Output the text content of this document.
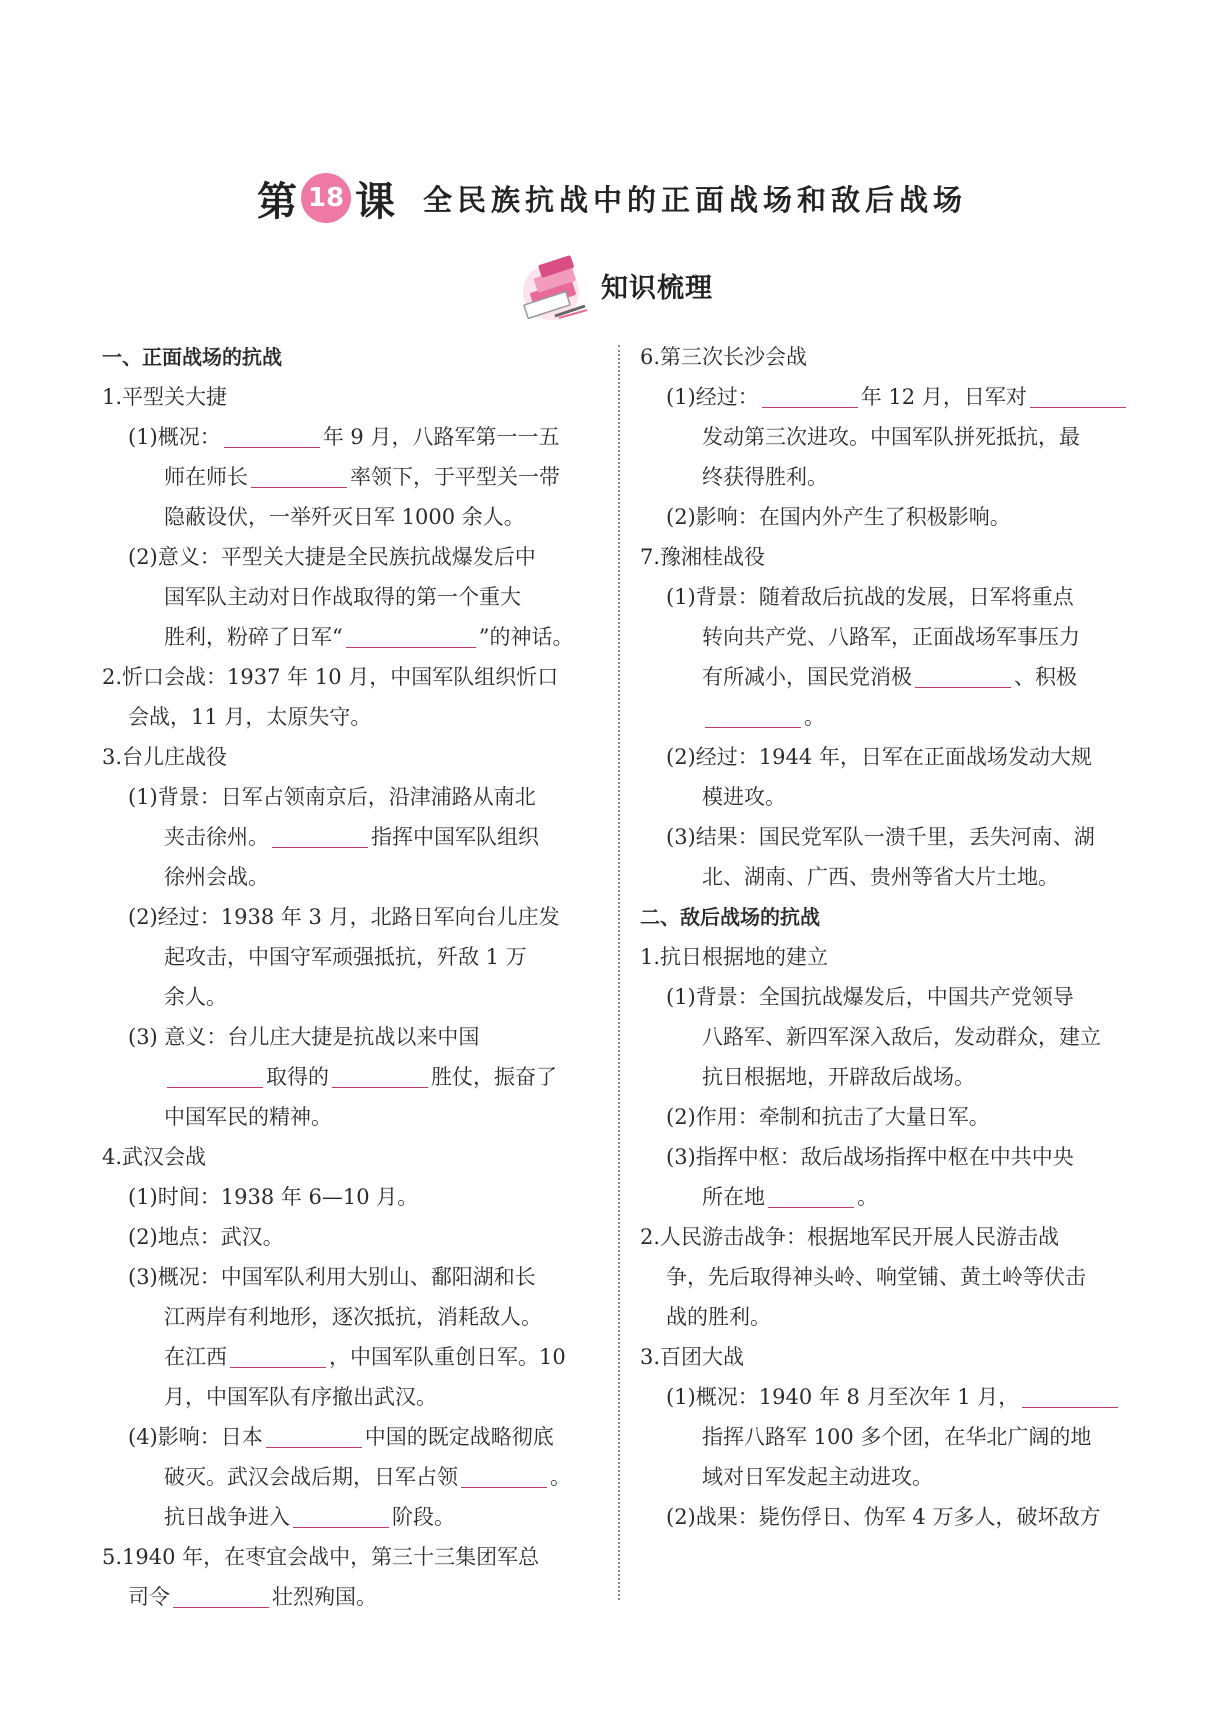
第 18 课 全民族抗战中的正面战场和敌后战场
知识梳理
一、正面战场的抗战
1.平型关大捷
(1)概况：	年 9 月，八路军第一一五
师在师长	率领下，于平型关一带
隐蔽设伏，一举歼灭日军 1000 余人。
(2)意义：平型关大捷是全民族抗战爆发后中
国军队主动对日作战取得的第一个重大
胜利，粉碎了日军“	”的神话。
2.忻口会战：1937 年 10 月，中国军队组织忻口
会战，11 月，太原失守。
3.台儿庄战役
(1)背景：日军占领南京后，沿津浦路从南北
夹击徐州。	指挥中国军队组织
徐州会战。
(2)经过：1938 年 3 月，北路日军向台儿庄发
起攻击，中国守军顽强抵抗，歼敌 1 万
余人。
(3) 意义：台儿庄大捷是抗战以来中国
取得的	胜仗，振奋了
中国军民的精神。
4.武汉会战
(1)时间：1938 年 6—10 月。
(2)地点：武汉。
(3)概况：中国军队利用大别山、鄱阳湖和长
江两岸有利地形，逐次抵抗，消耗敌人。
在江西	，中国军队重创日军。10
月，中国军队有序撤出武汉。
(4)影响：日本	中国的既定战略彻底
破灭。武汉会战后期，日军占领	。
抗日战争进入	阶段。
5.1940 年，在枣宜会战中，第三十三集团军总
司令	壮烈殉国。
6.第三次长沙会战
(1)经过：	年 12 月，日军对
发动第三次进攻。中国军队拼死抵抗，最
终获得胜利。
(2)影响：在国内外产生了积极影响。
7.豫湘桂战役
(1)背景：随着敌后抗战的发展，日军将重点
转向共产党、八路军，正面战场军事压力
有所减小，国民党消极	、积极
。
(2)经过：1944 年，日军在正面战场发动大规
模进攻。
(3)结果：国民党军队一溃千里，丢失河南、湖
北、湖南、广西、贵州等省大片土地。
二、敌后战场的抗战
1.抗日根据地的建立
(1)背景：全国抗战爆发后，中国共产党领导
八路军、新四军深入敌后，发动群众，建立
抗日根据地，开辟敌后战场。
(2)作用：牵制和抗击了大量日军。
(3)指挥中枢：敌后战场指挥中枢在中共中央
所在地	。
2.人民游击战争：根据地军民开展人民游击战
争，先后取得神头岭、响堂铺、黄土岭等伏击
战的胜利。
3.百团大战
(1)概况：1940 年 8 月至次年 1 月，
指挥八路军 100 多个团，在华北广阔的地
域对日军发起主动进攻。
(2)战果：毙伤俘日、伪军 4 万多人，破坏敌方
